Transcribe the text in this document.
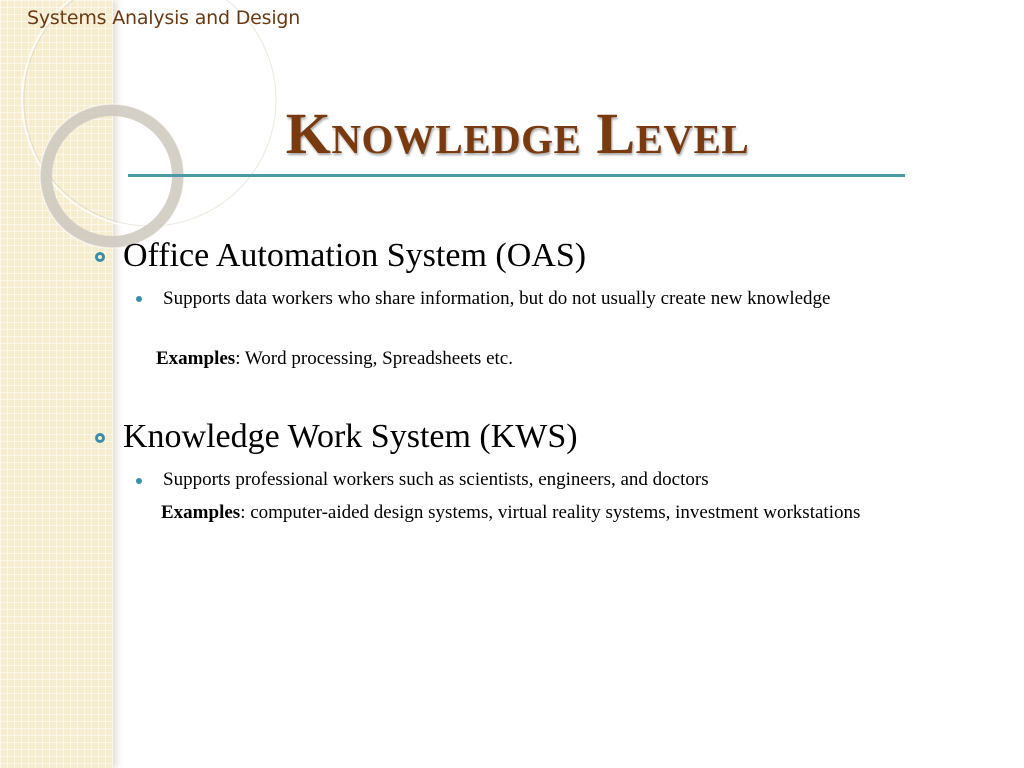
Systems Analysis and Design
Knowledge Level
Office Automation System (OAS)
Supports data workers who share information, but do not usually create new knowledge
Examples: Word processing, Spreadsheets etc.
Knowledge Work System (KWS)
Supports professional workers such as scientists, engineers, and doctors
Examples: computer-aided design systems, virtual reality systems, investment workstations
